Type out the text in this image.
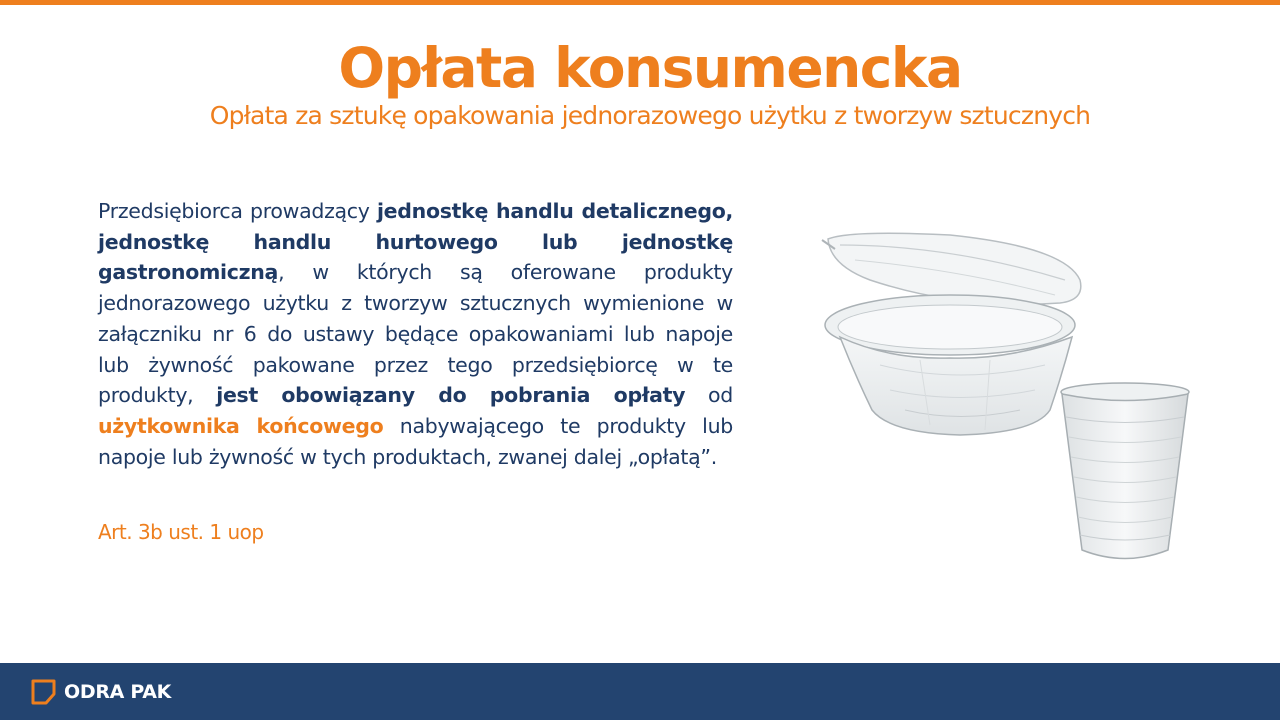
Opłata konsumencka
Opłata za sztukę opakowania jednorazowego użytku z tworzyw sztucznych

Przedsiębiorca prowadzący jednostkę handlu detalicznego, jednostkę handlu hurtowego lub jednostkę gastronomiczną, w których są oferowane produkty jednorazowego użytku z tworzyw sztucznych wymienione w załączniku nr 6 do ustawy będące opakowaniami lub napoje lub żywność pakowane przez tego przedsiębiorcę w te produkty, jest obowiązany do pobrania opłaty od użytkownika końcowego nabywającego te produkty lub napoje lub żywność w tych produktach, zwanej dalej „opłatą”.

Art. 3b ust. 1 uop
ODRA PAK
